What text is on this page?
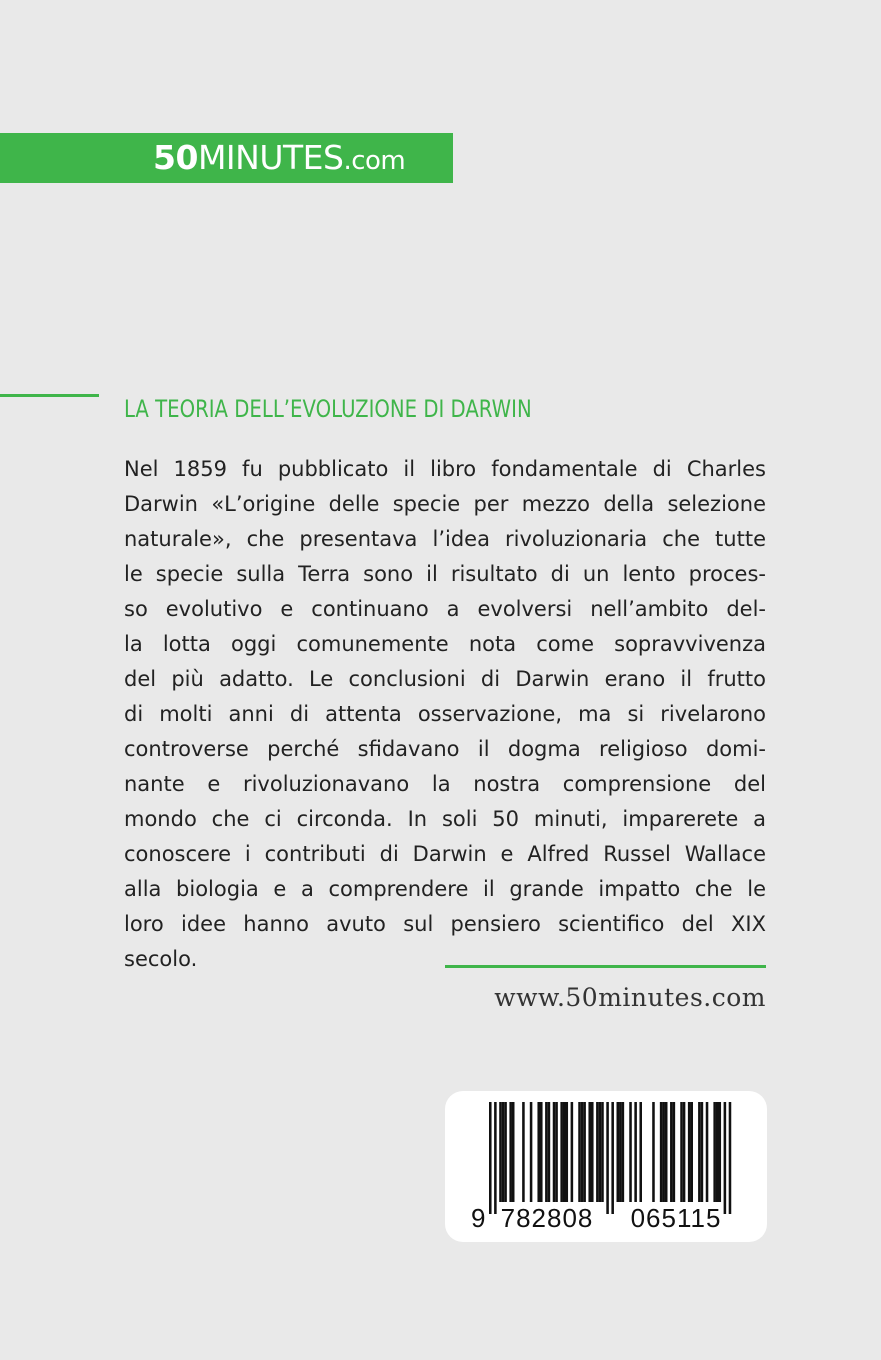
50MINUTES.com
LA TEORIA DELL’EVOLUZIONE DI DARWIN
Nel 1859 fu pubblicato il libro fondamentale di Charles
Darwin «L’origine delle specie per mezzo della selezione
naturale», che presentava l’idea rivoluzionaria che tutte
le specie sulla Terra sono il risultato di un lento proces-
so evolutivo e continuano a evolversi nell’ambito del-
la lotta oggi comunemente nota come sopravvivenza
del più adatto. Le conclusioni di Darwin erano il frutto
di molti anni di attenta osservazione, ma si rivelarono
controverse perché sfidavano il dogma religioso domi-
nante e rivoluzionavano la nostra comprensione del
mondo che ci circonda. In soli 50 minuti, imparerete a
conoscere i contributi di Darwin e Alfred Russel Wallace
alla biologia e a comprendere il grande impatto che le
loro idee hanno avuto sul pensiero scientifico del XIX
secolo.
www.50minutes.com
9 782808 065115
